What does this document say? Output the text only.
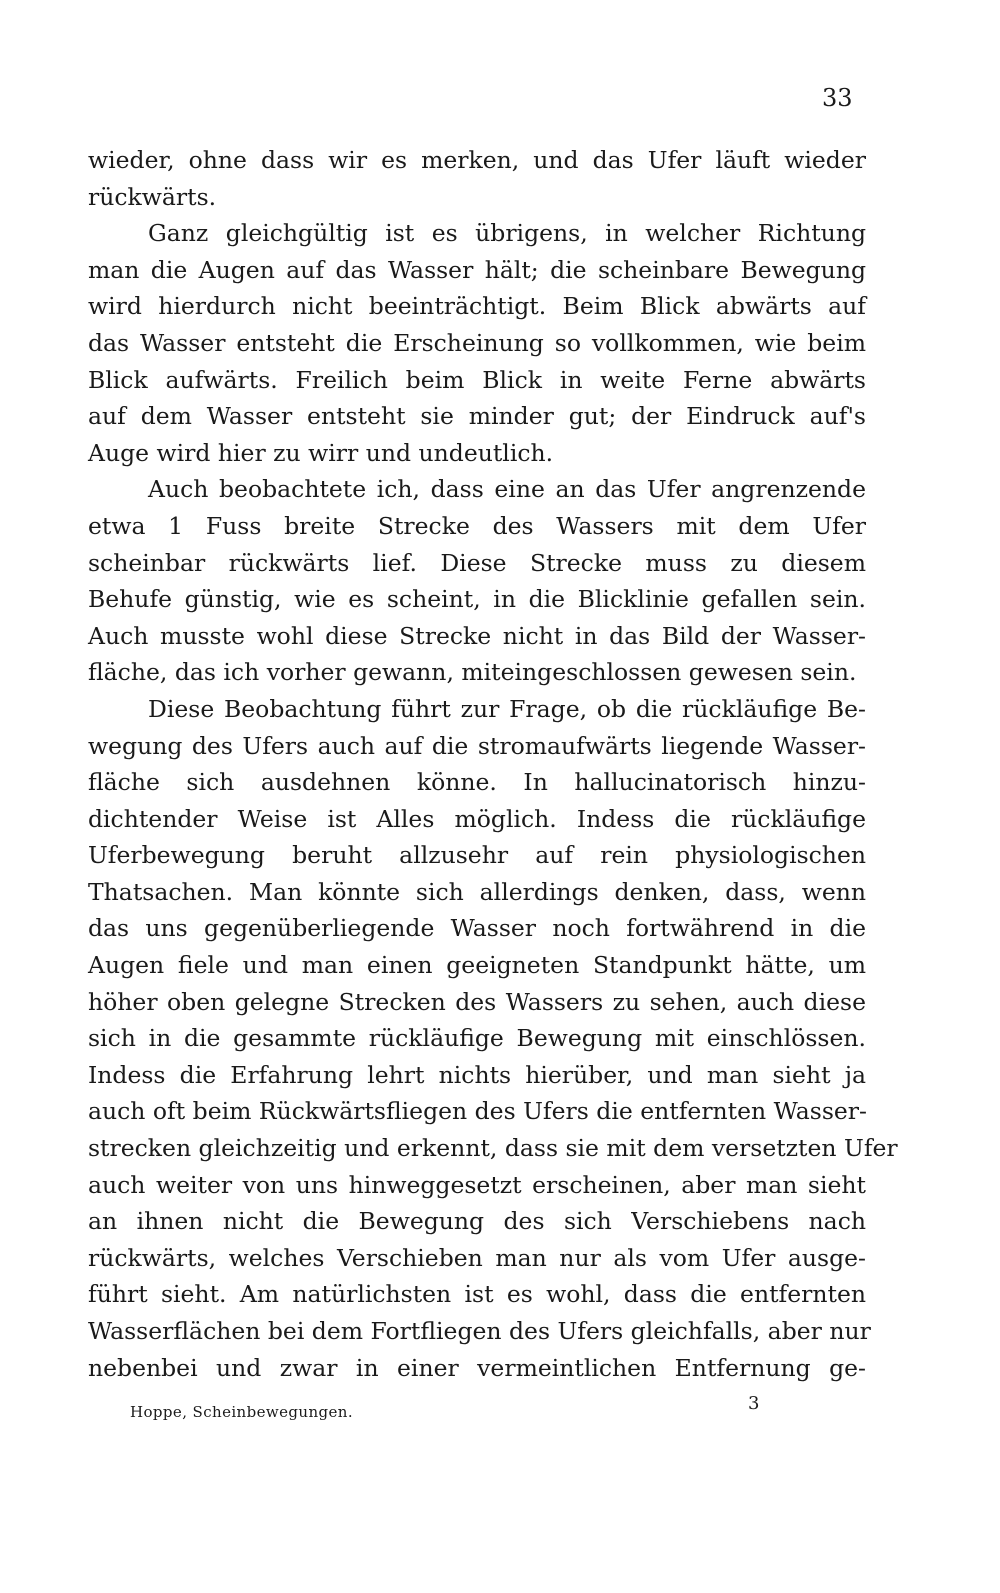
33
wieder, ohne dass wir es merken, und das Ufer läuft wieder
rückwärts.
Ganz gleichgültig ist es übrigens, in welcher Richtung
man die Augen auf das Wasser hält; die scheinbare Bewegung
wird hierdurch nicht beeinträchtigt. Beim Blick abwärts auf
das Wasser entsteht die Erscheinung so vollkommen, wie beim
Blick aufwärts. Freilich beim Blick in weite Ferne abwärts
auf dem Wasser entsteht sie minder gut; der Eindruck auf's
Auge wird hier zu wirr und undeutlich.
Auch beobachtete ich, dass eine an das Ufer angrenzende
etwa 1 Fuss breite Strecke des Wassers mit dem Ufer
scheinbar rückwärts lief. Diese Strecke muss zu diesem
Behufe günstig, wie es scheint, in die Blicklinie gefallen sein.
Auch musste wohl diese Strecke nicht in das Bild der Wasser-
fläche, das ich vorher gewann, miteingeschlossen gewesen sein.
Diese Beobachtung führt zur Frage, ob die rückläufige Be-
wegung des Ufers auch auf die stromaufwärts liegende Wasser-
fläche sich ausdehnen könne. In hallucinatorisch hinzu-
dichtender Weise ist Alles möglich. Indess die rückläufige
Uferbewegung beruht allzusehr auf rein physiologischen
Thatsachen. Man könnte sich allerdings denken, dass, wenn
das uns gegenüberliegende Wasser noch fortwährend in die
Augen fiele und man einen geeigneten Standpunkt hätte, um
höher oben gelegne Strecken des Wassers zu sehen, auch diese
sich in die gesammte rückläufige Bewegung mit einschlössen.
Indess die Erfahrung lehrt nichts hierüber, und man sieht ja
auch oft beim Rückwärtsfliegen des Ufers die entfernten Wasser-
strecken gleichzeitig und erkennt, dass sie mit dem versetzten Ufer
auch weiter von uns hinweggesetzt erscheinen, aber man sieht
an ihnen nicht die Bewegung des sich Verschiebens nach
rückwärts, welches Verschieben man nur als vom Ufer ausge-
führt sieht. Am natürlichsten ist es wohl, dass die entfernten
Wasserflächen bei dem Fortfliegen des Ufers gleichfalls, aber nur
nebenbei und zwar in einer vermeintlichen Entfernung ge-
Hoppe, Scheinbewegungen.	3
